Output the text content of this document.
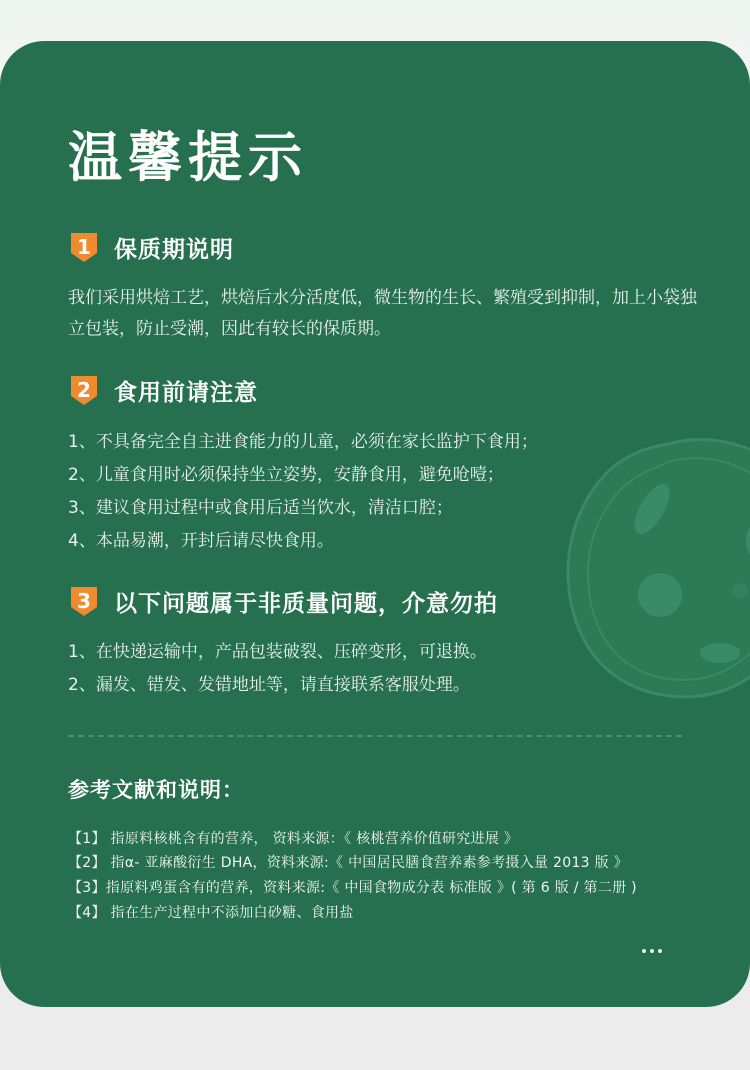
温馨提示
1	保质期说明

我们采用烘焙工艺，烘焙后水分活度低，微生物的生长、繁殖受到抑制，加上小袋独立包装，防止受潮，因此有较长的保质期。

2	食用前请注意

1、不具备完全自主进食能力的儿童，必须在家长监护下食用；

2、儿童食用时必须保持坐立姿势，安静食用，避免呛噎；

3、建议食用过程中或食用后适当饮水，清洁口腔；

4、本品易潮，开封后请尽快食用。

3	以下问题属于非质量问题，介意勿拍

1、在快递运输中，产品包装破裂、压碎变形，可退换。

2、漏发、错发、发错地址等，请直接联系客服处理。

参考文献和说明：

【1】 指原料核桃含有的营养， 资料来源：《 核桃营养价值研究进展 》

【2】 指α- 亚麻酸衍生 DHA，资料来源:《 中国居民膳食营养素参考摄入量 2013 版 》

【3】指原料鸡蛋含有的营养，资料来源:《 中国食物成分表 标准版 》( 第 6 版 / 第二册 )

【4】 指在生产过程中不添加白砂糖、食用盐
